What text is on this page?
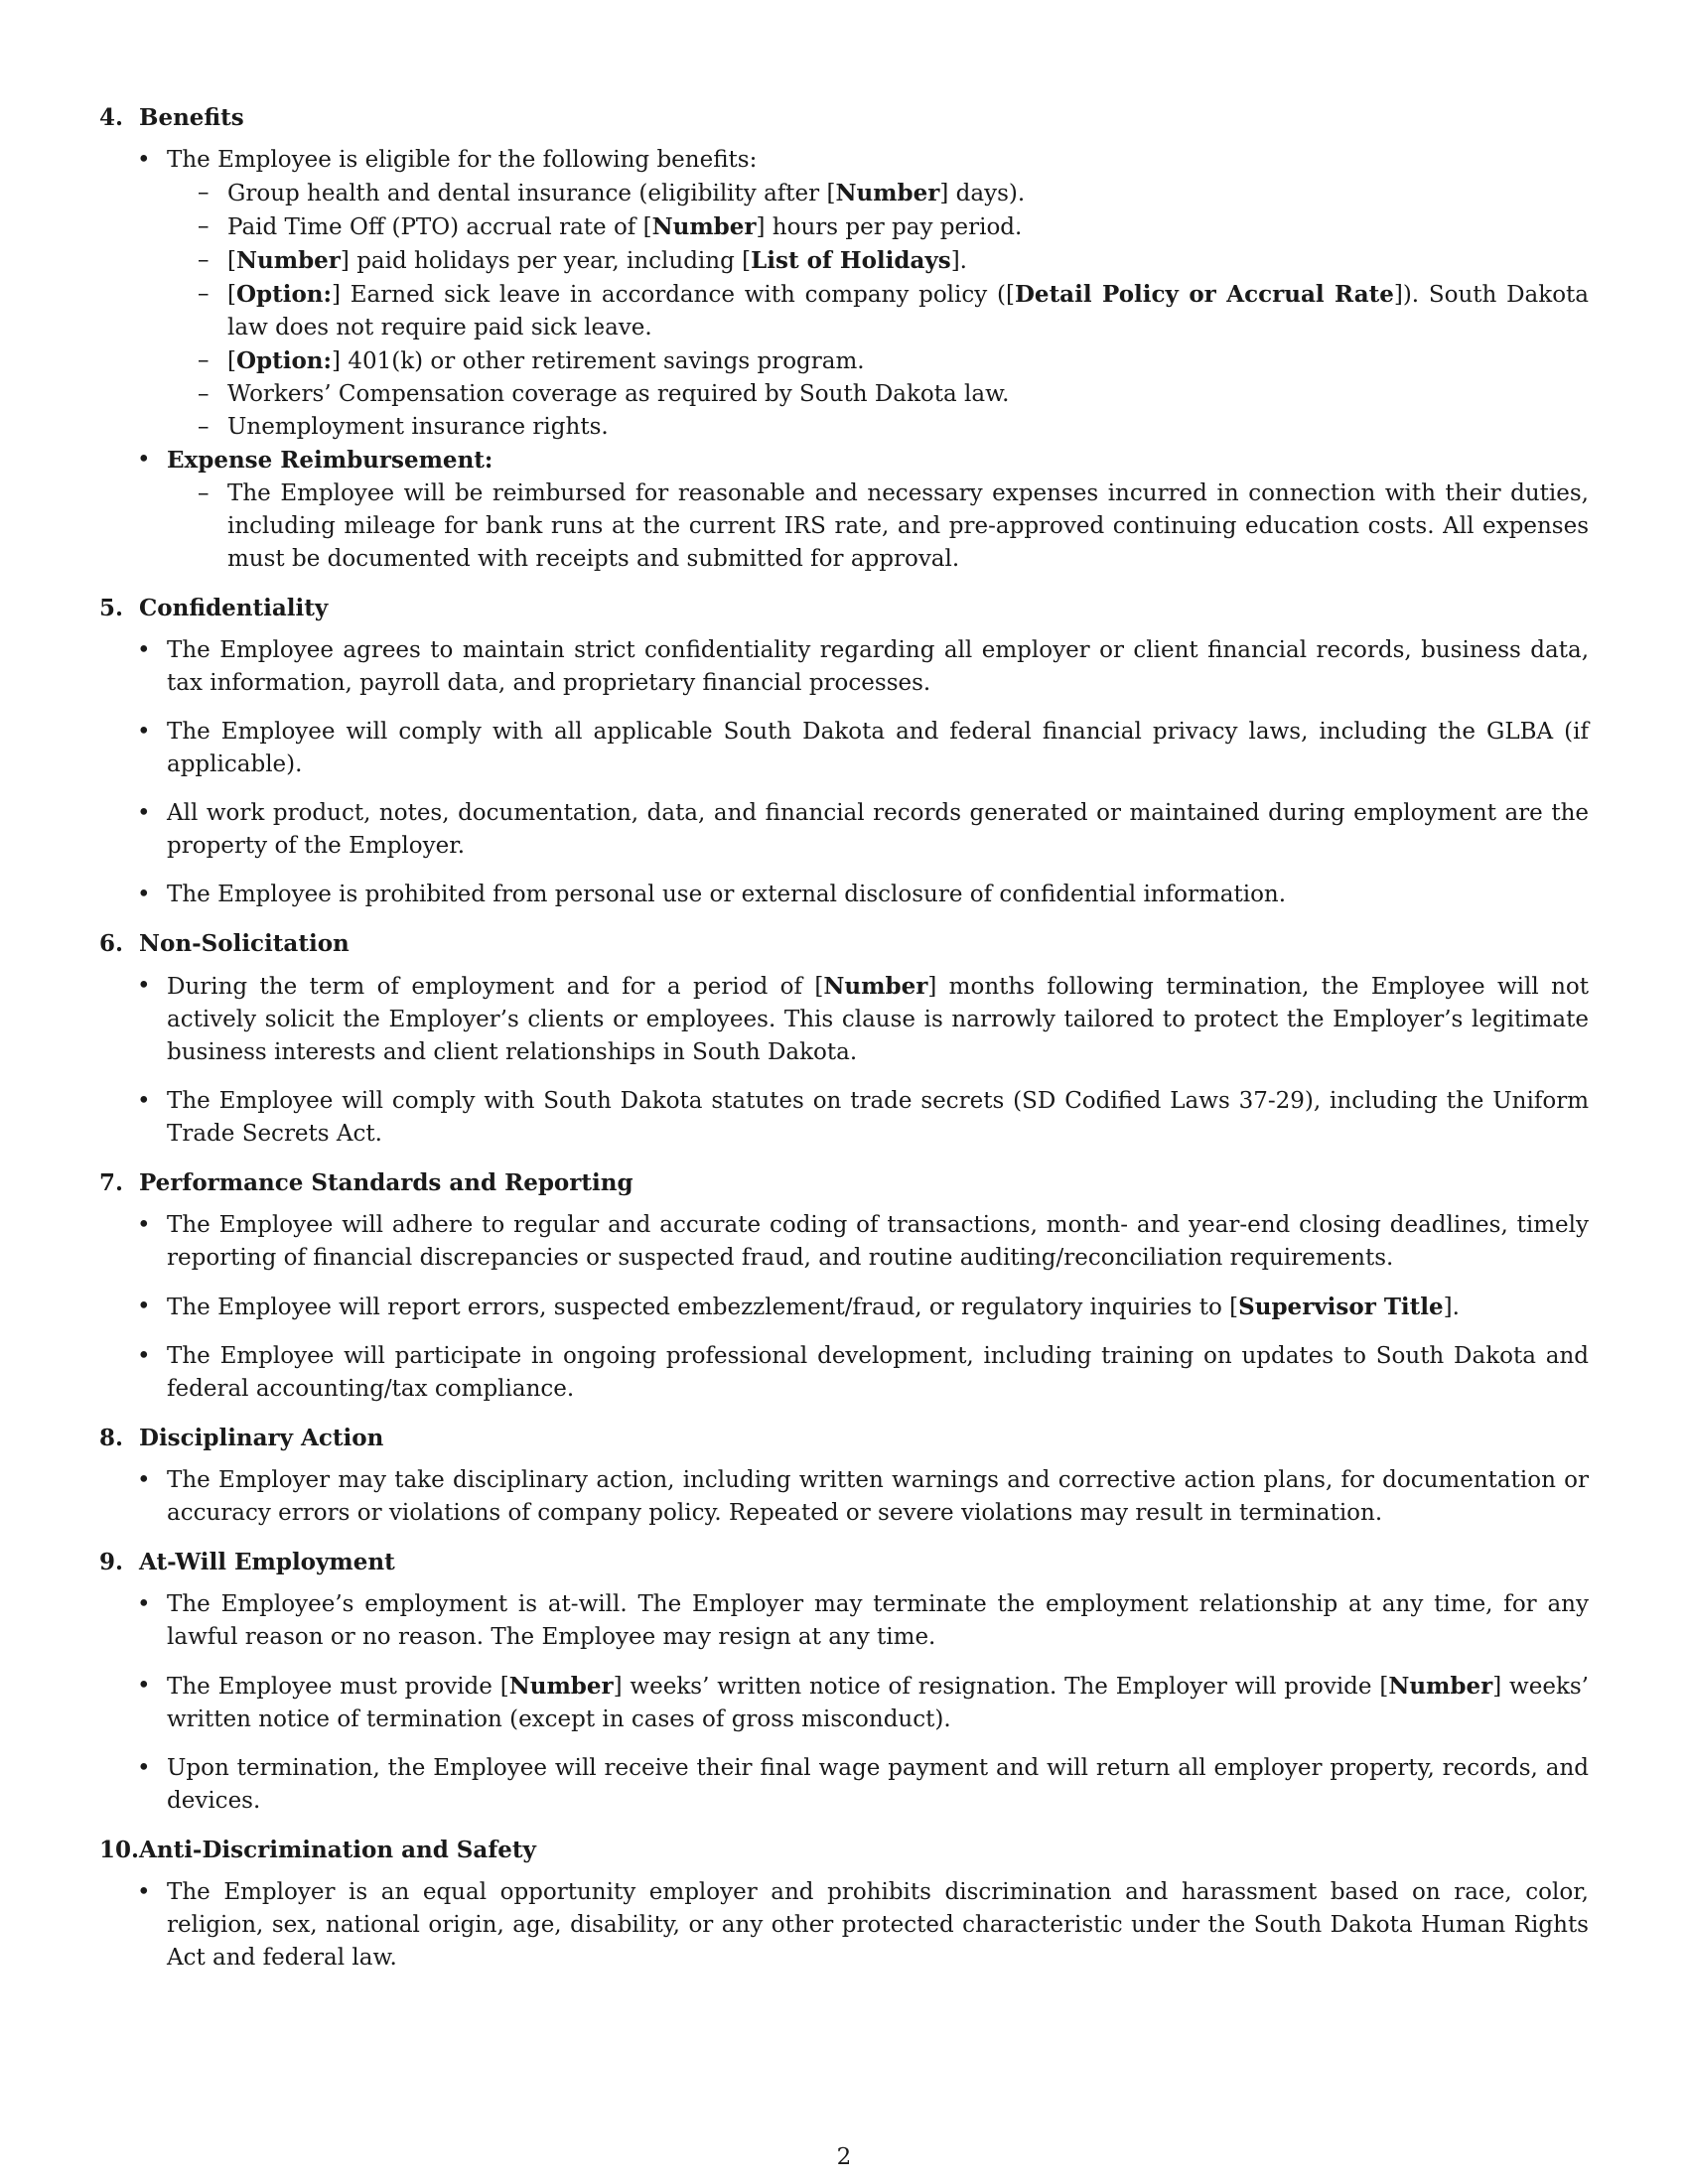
4. Benefits
• The Employee is eligible for the following benefits:
– Group health and dental insurance (eligibility after [Number] days).
– Paid Time Off (PTO) accrual rate of [Number] hours per pay period.
– [Number] paid holidays per year, including [List of Holidays].
– [Option:] Earned sick leave in accordance with company policy ([Detail Policy or Accrual Rate]). South Dakota law does not require paid sick leave.
– [Option:] 401(k) or other retirement savings program.
– Workers’ Compensation coverage as required by South Dakota law.
– Unemployment insurance rights.
• Expense Reimbursement:
– The Employee will be reimbursed for reasonable and necessary expenses incurred in connection with their duties, including mileage for bank runs at the current IRS rate, and pre-approved continuing education costs. All expenses must be documented with receipts and submitted for approval.
5. Confidentiality
• The Employee agrees to maintain strict confidentiality regarding all employer or client financial records, business data, tax information, payroll data, and proprietary financial processes.
• The Employee will comply with all applicable South Dakota and federal financial privacy laws, including the GLBA (if applicable).
• All work product, notes, documentation, data, and financial records generated or maintained during employment are the property of the Employer.
• The Employee is prohibited from personal use or external disclosure of confidential information.
6. Non-Solicitation
• During the term of employment and for a period of [Number] months following termination, the Employee will not actively solicit the Employer’s clients or employees. This clause is narrowly tailored to protect the Employer’s legitimate business interests and client relationships in South Dakota.
• The Employee will comply with South Dakota statutes on trade secrets (SD Codified Laws 37-29), including the Uniform Trade Secrets Act.
7. Performance Standards and Reporting
• The Employee will adhere to regular and accurate coding of transactions, month- and year-end closing deadlines, timely reporting of financial discrepancies or suspected fraud, and routine auditing/reconciliation requirements.
• The Employee will report errors, suspected embezzlement/fraud, or regulatory inquiries to [Supervisor Title].
• The Employee will participate in ongoing professional development, including training on updates to South Dakota and federal accounting/tax compliance.
8. Disciplinary Action
• The Employer may take disciplinary action, including written warnings and corrective action plans, for documentation or accuracy errors or violations of company policy. Repeated or severe violations may result in termination.
9. At-Will Employment
• The Employee’s employment is at-will. The Employer may terminate the employment relationship at any time, for any lawful reason or no reason. The Employee may resign at any time.
• The Employee must provide [Number] weeks’ written notice of resignation. The Employer will provide [Number] weeks’ written notice of termination (except in cases of gross misconduct).
• Upon termination, the Employee will receive their final wage payment and will return all employer property, records, and devices.
10. Anti-Discrimination and Safety
• The Employer is an equal opportunity employer and prohibits discrimination and harassment based on race, color, religion, sex, national origin, age, disability, or any other protected characteristic under the South Dakota Human Rights Act and federal law.
2
